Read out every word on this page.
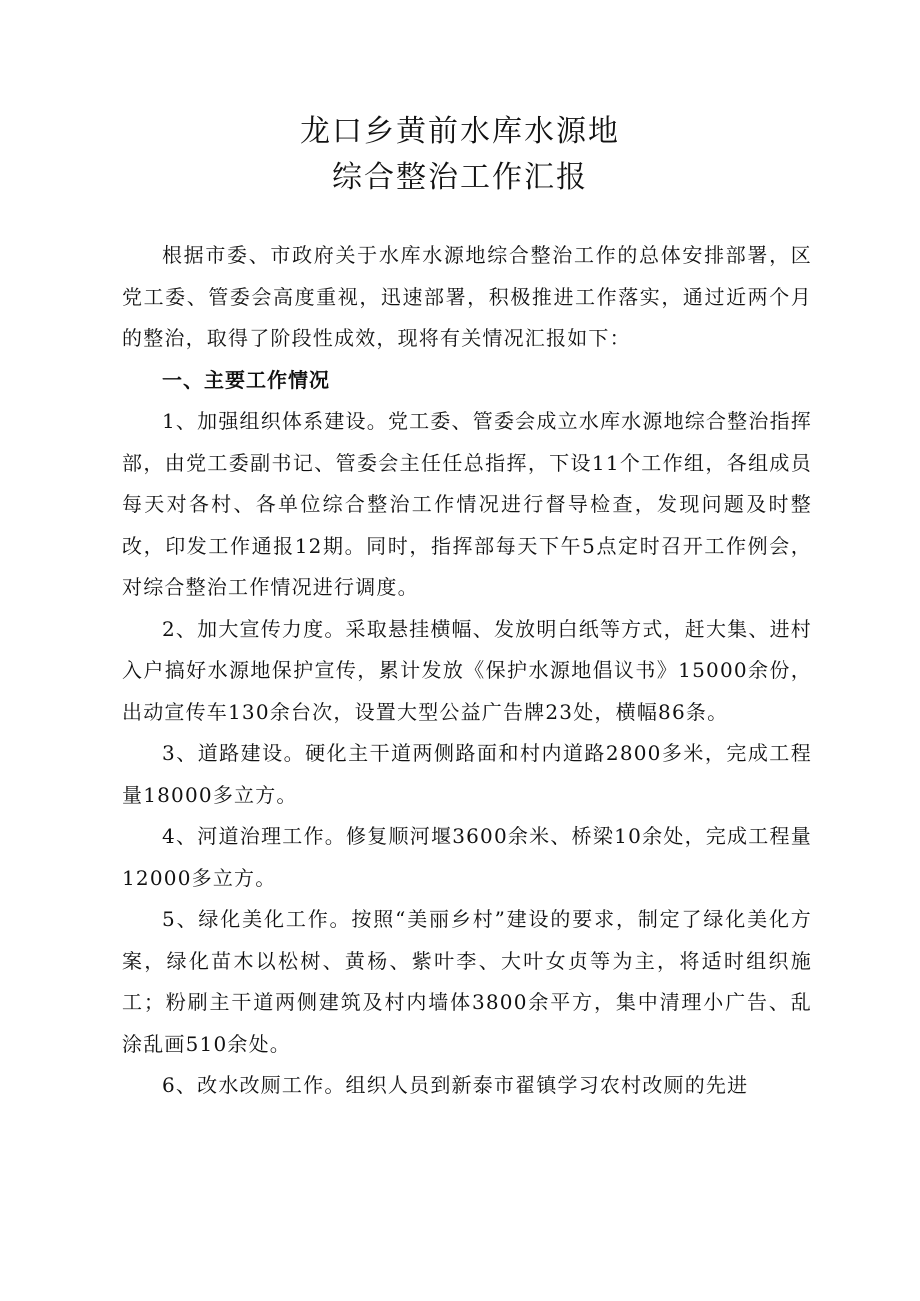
龙口乡黄前水库水源地
综合整治工作汇报

根据市委、市政府关于水库水源地综合整治工作的总体安排部署，区党工委、管委会高度重视，迅速部署，积极推进工作落实，通过近两个月的整治，取得了阶段性成效，现将有关情况汇报如下：

一、主要工作情况

1、加强组织体系建设。党工委、管委会成立水库水源地综合整治指挥部，由党工委副书记、管委会主任任总指挥，下设11个工作组，各组成员每天对各村、各单位综合整治工作情况进行督导检查，发现问题及时整改，印发工作通报12期。同时，指挥部每天下午5点定时召开工作例会，对综合整治工作情况进行调度。

2、加大宣传力度。采取悬挂横幅、发放明白纸等方式，赶大集、进村入户搞好水源地保护宣传，累计发放《保护水源地倡议书》15000余份，出动宣传车130余台次，设置大型公益广告牌23处，横幅86条。

3、道路建设。硬化主干道两侧路面和村内道路2800多米，完成工程量18000多立方。

4、河道治理工作。修复顺河堰3600余米、桥梁10余处，完成工程量12000多立方。

5、绿化美化工作。按照“美丽乡村”建设的要求，制定了绿化美化方案，绿化苗木以松树、黄杨、紫叶李、大叶女贞等为主，将适时组织施工；粉刷主干道两侧建筑及村内墙体3800余平方，集中清理小广告、乱涂乱画510余处。

6、改水改厕工作。组织人员到新泰市翟镇学习农村改厕的先进
